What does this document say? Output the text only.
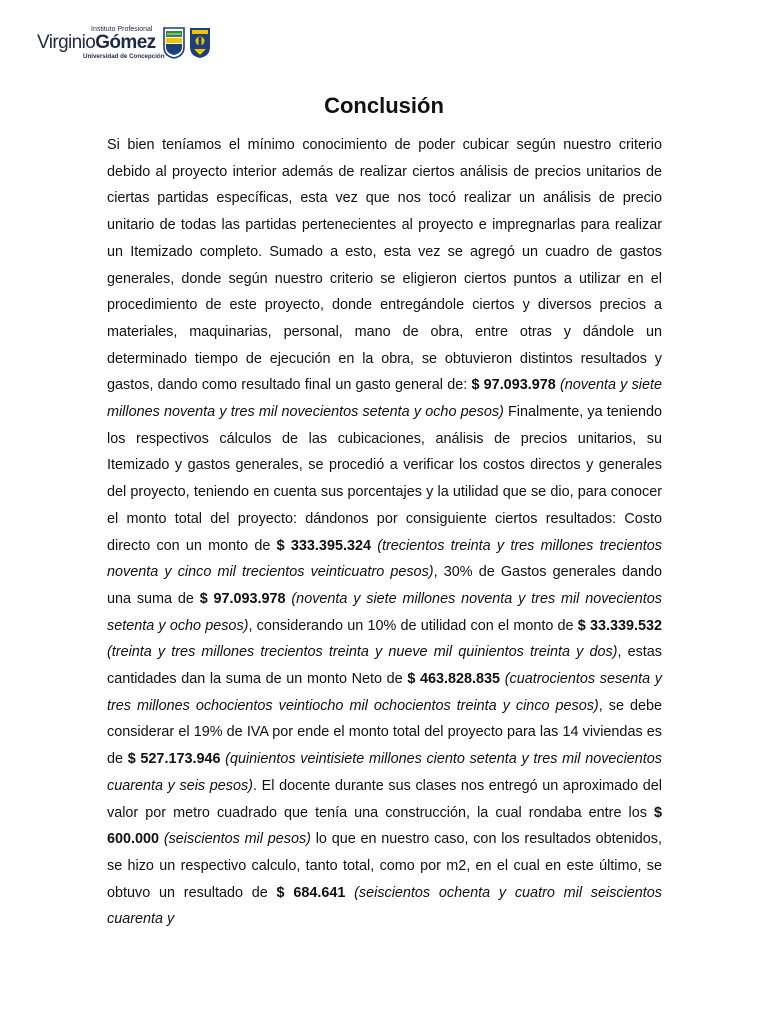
Instituto Profesional
VirginioGómez
Universidad de Concepción
Conclusión
Si bien teníamos el mínimo conocimiento de poder cubicar según nuestro criterio debido al proyecto interior además de realizar ciertos análisis de precios unitarios de ciertas partidas específicas, esta vez que nos tocó realizar un análisis de precio unitario de todas las partidas pertenecientes al proyecto e impregnarlas para realizar un Itemizado completo. Sumado a esto, esta vez se agregó un cuadro de gastos generales, donde según nuestro criterio se eligieron ciertos puntos a utilizar en el procedimiento de este proyecto, donde entregándole ciertos y diversos precios a materiales, maquinarias, personal, mano de obra, entre otras y dándole un determinado tiempo de ejecución en la obra, se obtuvieron distintos resultados y gastos, dando como resultado final un gasto general de: $ 97.093.978 (noventa y siete millones noventa y tres mil novecientos setenta y ocho pesos) Finalmente, ya teniendo los respectivos cálculos de las cubicaciones, análisis de precios unitarios, su Itemizado y gastos generales, se procedió a verificar los costos directos y generales del proyecto, teniendo en cuenta sus porcentajes y la utilidad que se dio, para conocer el monto total del proyecto: dándonos por consiguiente ciertos resultados: Costo directo con un monto de $ 333.395.324 (trecientos treinta y tres millones trecientos noventa y cinco mil trecientos veinticuatro pesos), 30% de Gastos generales dando una suma de $ 97.093.978 (noventa y siete millones noventa y tres mil novecientos setenta y ocho pesos), considerando un 10% de utilidad con el monto de $ 33.339.532 (treinta y tres millones trecientos treinta y nueve mil quinientos treinta y dos), estas cantidades dan la suma de un monto Neto de $ 463.828.835 (cuatrocientos sesenta y tres millones ochocientos veintiocho mil ochocientos treinta y cinco pesos), se debe considerar el 19% de IVA por ende el monto total del proyecto para las 14 viviendas es de $ 527.173.946 (quinientos veintisiete millones ciento setenta y tres mil novecientos cuarenta y seis pesos). El docente durante sus clases nos entregó un aproximado del valor por metro cuadrado que tenía una construcción, la cual rondaba entre los $ 600.000 (seiscientos mil pesos) lo que en nuestro caso, con los resultados obtenidos, se hizo un respectivo calculo, tanto total, como por m2, en el cual en este último, se obtuvo un resultado de $ 684.641 (seiscientos ochenta y cuatro mil seiscientos cuarenta y
